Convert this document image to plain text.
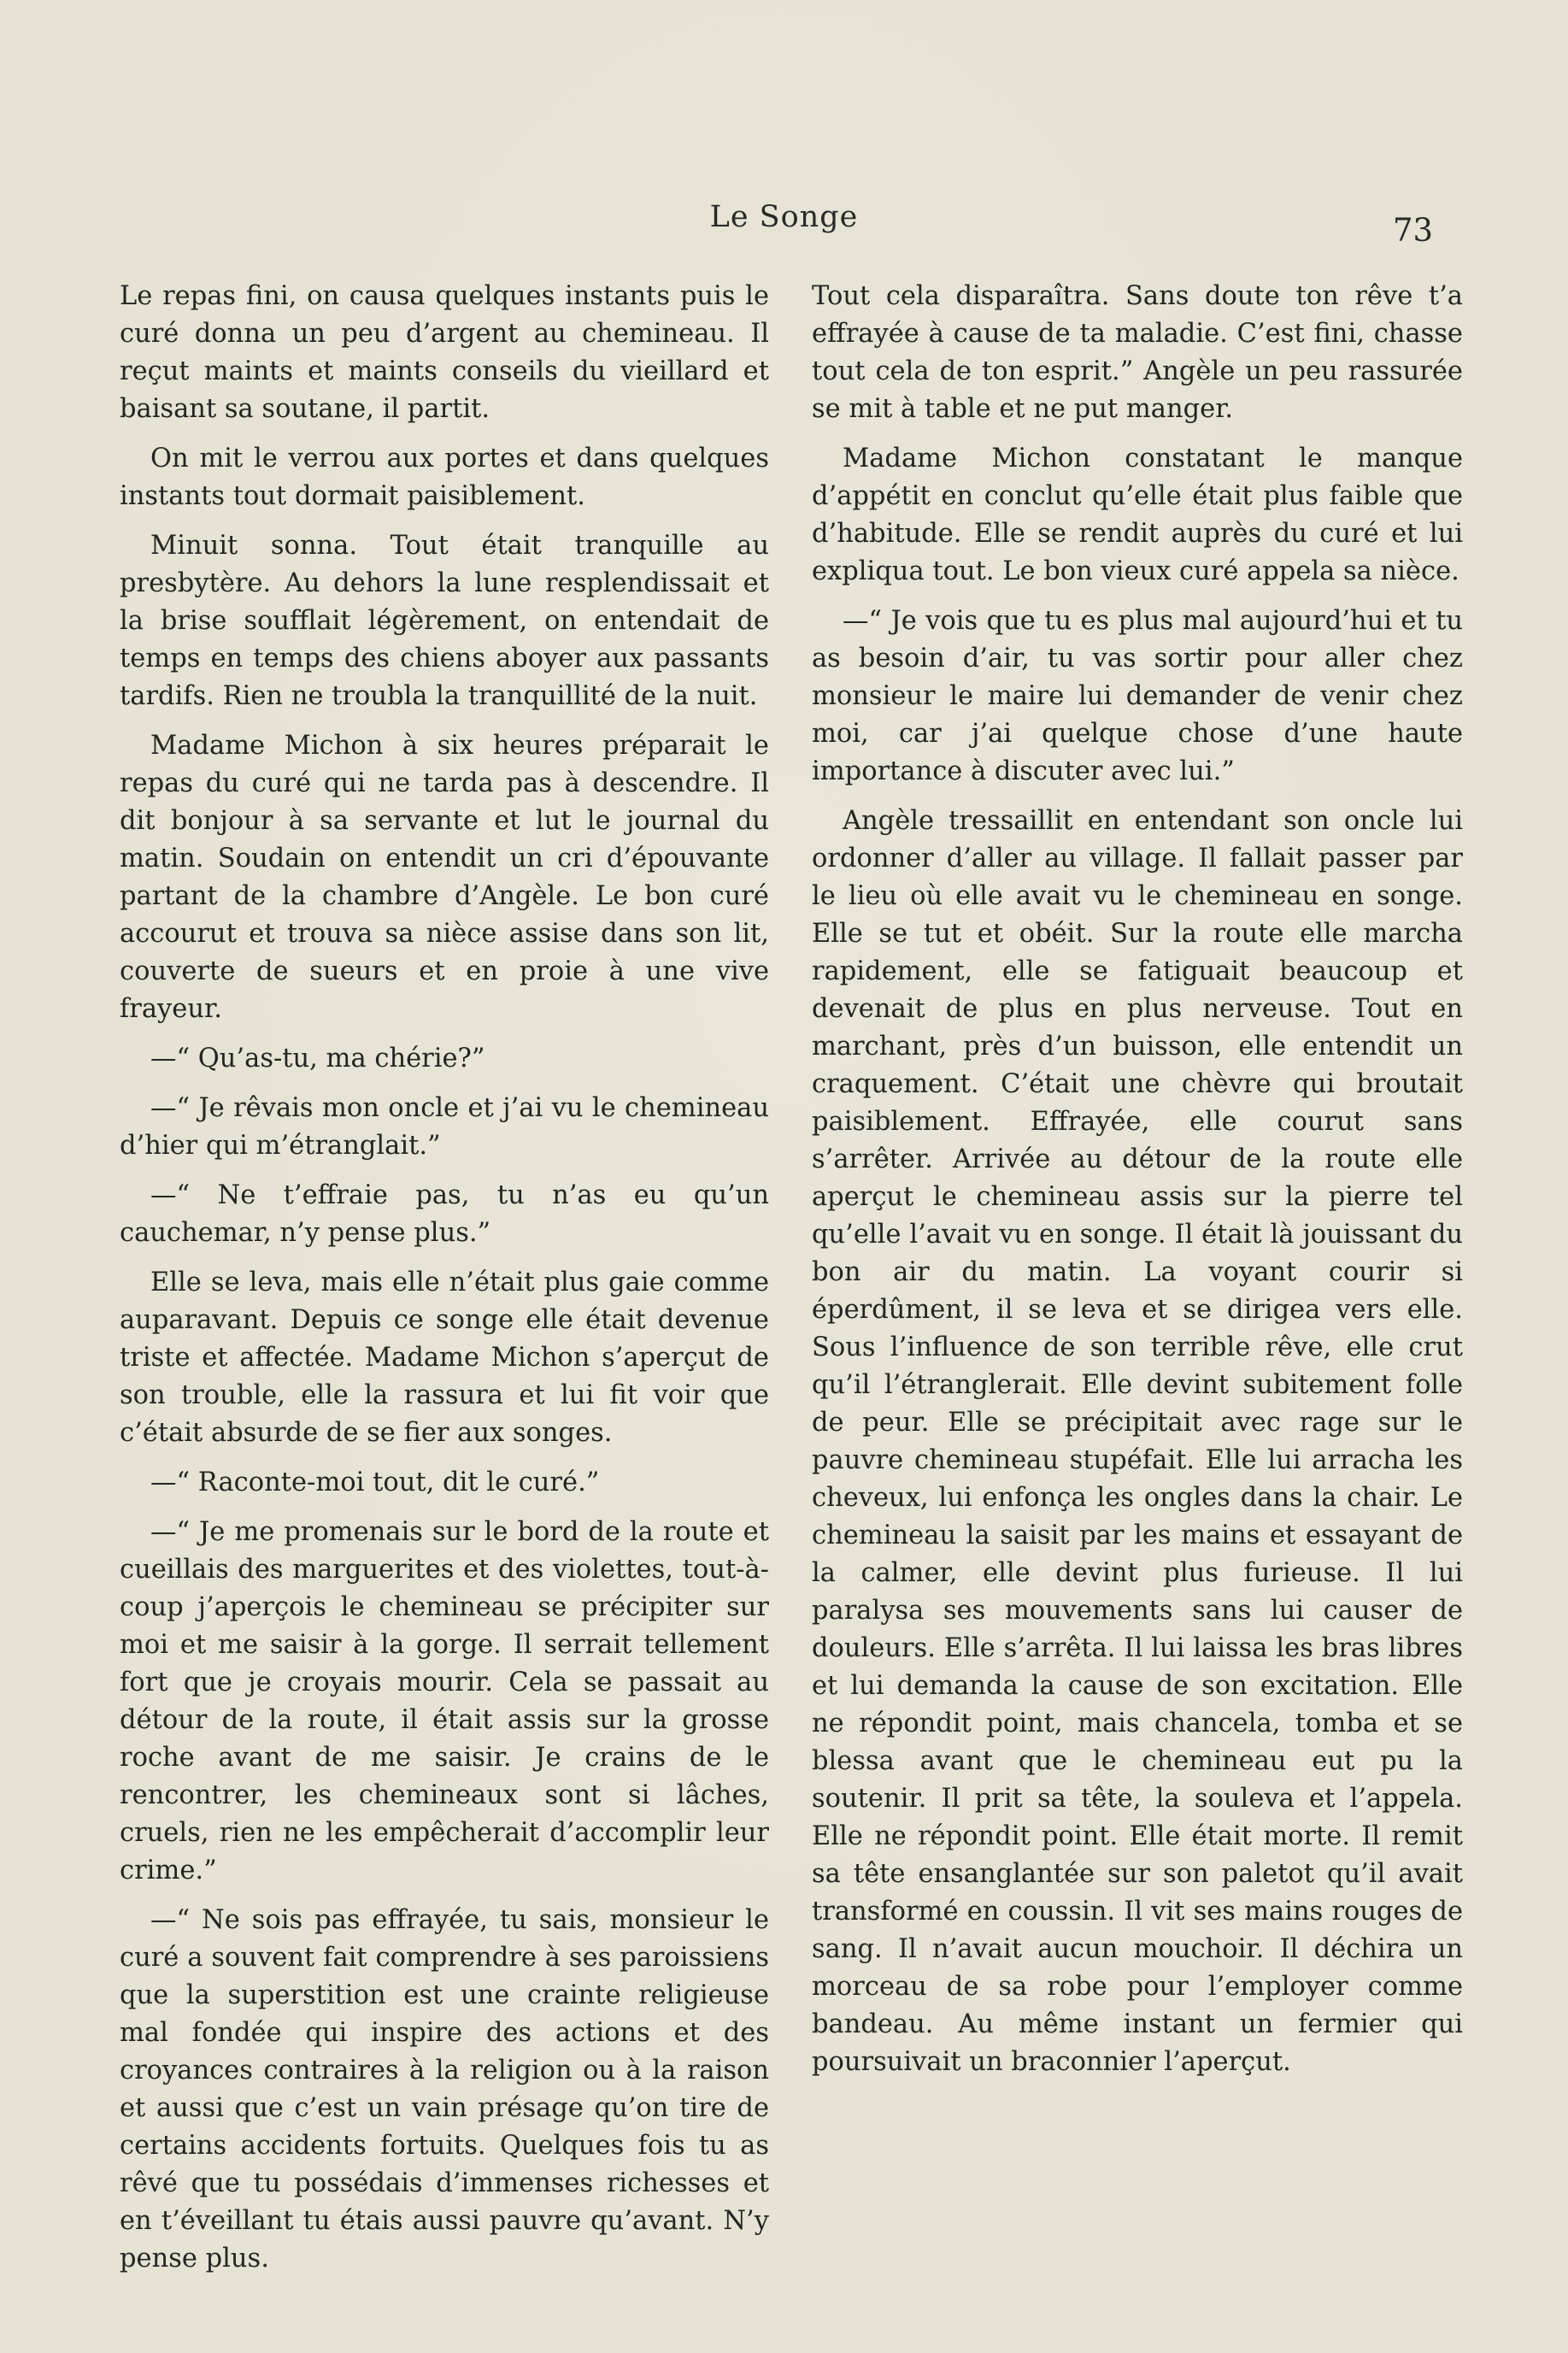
Le Songe	73

Le repas fini, on causa quelques instants puis le curé donna un peu d’argent au chemineau. Il reçut maints et maints conseils du vieillard et baisant sa soutane, il partit.

On mit le verrou aux portes et dans quelques instants tout dormait paisiblement.

Minuit sonna. Tout était tranquille au presbytère. Au dehors la lune resplendissait et la brise soufflait légèrement, on entendait de temps en temps des chiens aboyer aux passants tardifs. Rien ne troubla la tranquillité de la nuit.

Madame Michon à six heures préparait le repas du curé qui ne tarda pas à descendre. Il dit bonjour à sa servante et lut le journal du matin. Soudain on entendit un cri d’épouvante partant de la chambre d’Angèle. Le bon curé accourut et trouva sa nièce assise dans son lit, couverte de sueurs et en proie à une vive frayeur.

—“ Qu’as-tu, ma chérie?”

—“ Je rêvais mon oncle et j’ai vu le chemineau d’hier qui m’étranglait.”

—“ Ne t’effraie pas, tu n’as eu qu’un cauchemar, n’y pense plus.”

Elle se leva, mais elle n’était plus gaie comme auparavant. Depuis ce songe elle était devenue triste et affectée. Madame Michon s’aperçut de son trouble, elle la rassura et lui fit voir que c’était absurde de se fier aux songes.

—“ Raconte-moi tout, dit le curé.”

—“ Je me promenais sur le bord de la route et cueillais des marguerites et des violettes, tout-à-coup j’aperçois le chemineau se précipiter sur moi et me saisir à la gorge. Il serrait tellement fort que je croyais mourir. Cela se passait au détour de la route, il était assis sur la grosse roche avant de me saisir. Je crains de le rencontrer, les chemineaux sont si lâches, cruels, rien ne les empêcherait d’accomplir leur crime.”

—“ Ne sois pas effrayée, tu sais, monsieur le curé a souvent fait comprendre à ses paroissiens que la superstition est une crainte religieuse mal fondée qui inspire des actions et des croyances contraires à la religion ou à la raison et aussi que c’est un vain présage qu’on tire de certains accidents fortuits. Quelques fois tu as rêvé que tu possédais d’immenses richesses et en t’éveillant tu étais aussi pauvre qu’avant. N’y pense plus.

Tout cela disparaîtra. Sans doute ton rêve t’a effrayée à cause de ta maladie. C’est fini, chasse tout cela de ton esprit.” Angèle un peu rassurée se mit à table et ne put manger.

Madame Michon constatant le manque d’appétit en conclut qu’elle était plus faible que d’habitude. Elle se rendit auprès du curé et lui expliqua tout. Le bon vieux curé appela sa nièce.

—“ Je vois que tu es plus mal aujourd’hui et tu as besoin d’air, tu vas sortir pour aller chez monsieur le maire lui demander de venir chez moi, car j’ai quelque chose d’une haute importance à discuter avec lui.”

Angèle tressaillit en entendant son oncle lui ordonner d’aller au village. Il fallait passer par le lieu où elle avait vu le chemineau en songe. Elle se tut et obéit. Sur la route elle marcha rapidement, elle se fatiguait beaucoup et devenait de plus en plus nerveuse. Tout en marchant, près d’un buisson, elle entendit un craquement. C’était une chèvre qui broutait paisiblement. Effrayée, elle courut sans s’arrêter. Arrivée au détour de la route elle aperçut le chemineau assis sur la pierre tel qu’elle l’avait vu en songe. Il était là jouissant du bon air du matin. La voyant courir si éperdûment, il se leva et se dirigea vers elle. Sous l’influence de son terrible rêve, elle crut qu’il l’étranglerait. Elle devint subitement folle de peur. Elle se précipitait avec rage sur le pauvre chemineau stupéfait. Elle lui arracha les cheveux, lui enfonça les ongles dans la chair. Le chemineau la saisit par les mains et essayant de la calmer, elle devint plus furieuse. Il lui paralysa ses mouvements sans lui causer de douleurs. Elle s’arrêta. Il lui laissa les bras libres et lui demanda la cause de son excitation. Elle ne répondit point, mais chancela, tomba et se blessa avant que le chemineau eut pu la soutenir. Il prit sa tête, la souleva et l’appela. Elle ne répondit point. Elle était morte. Il remit sa tête ensanglantée sur son paletot qu’il avait transformé en coussin. Il vit ses mains rouges de sang. Il n’avait aucun mouchoir. Il déchira un morceau de sa robe pour l’employer comme bandeau. Au même instant un fermier qui poursuivait un braconnier l’aperçut.
